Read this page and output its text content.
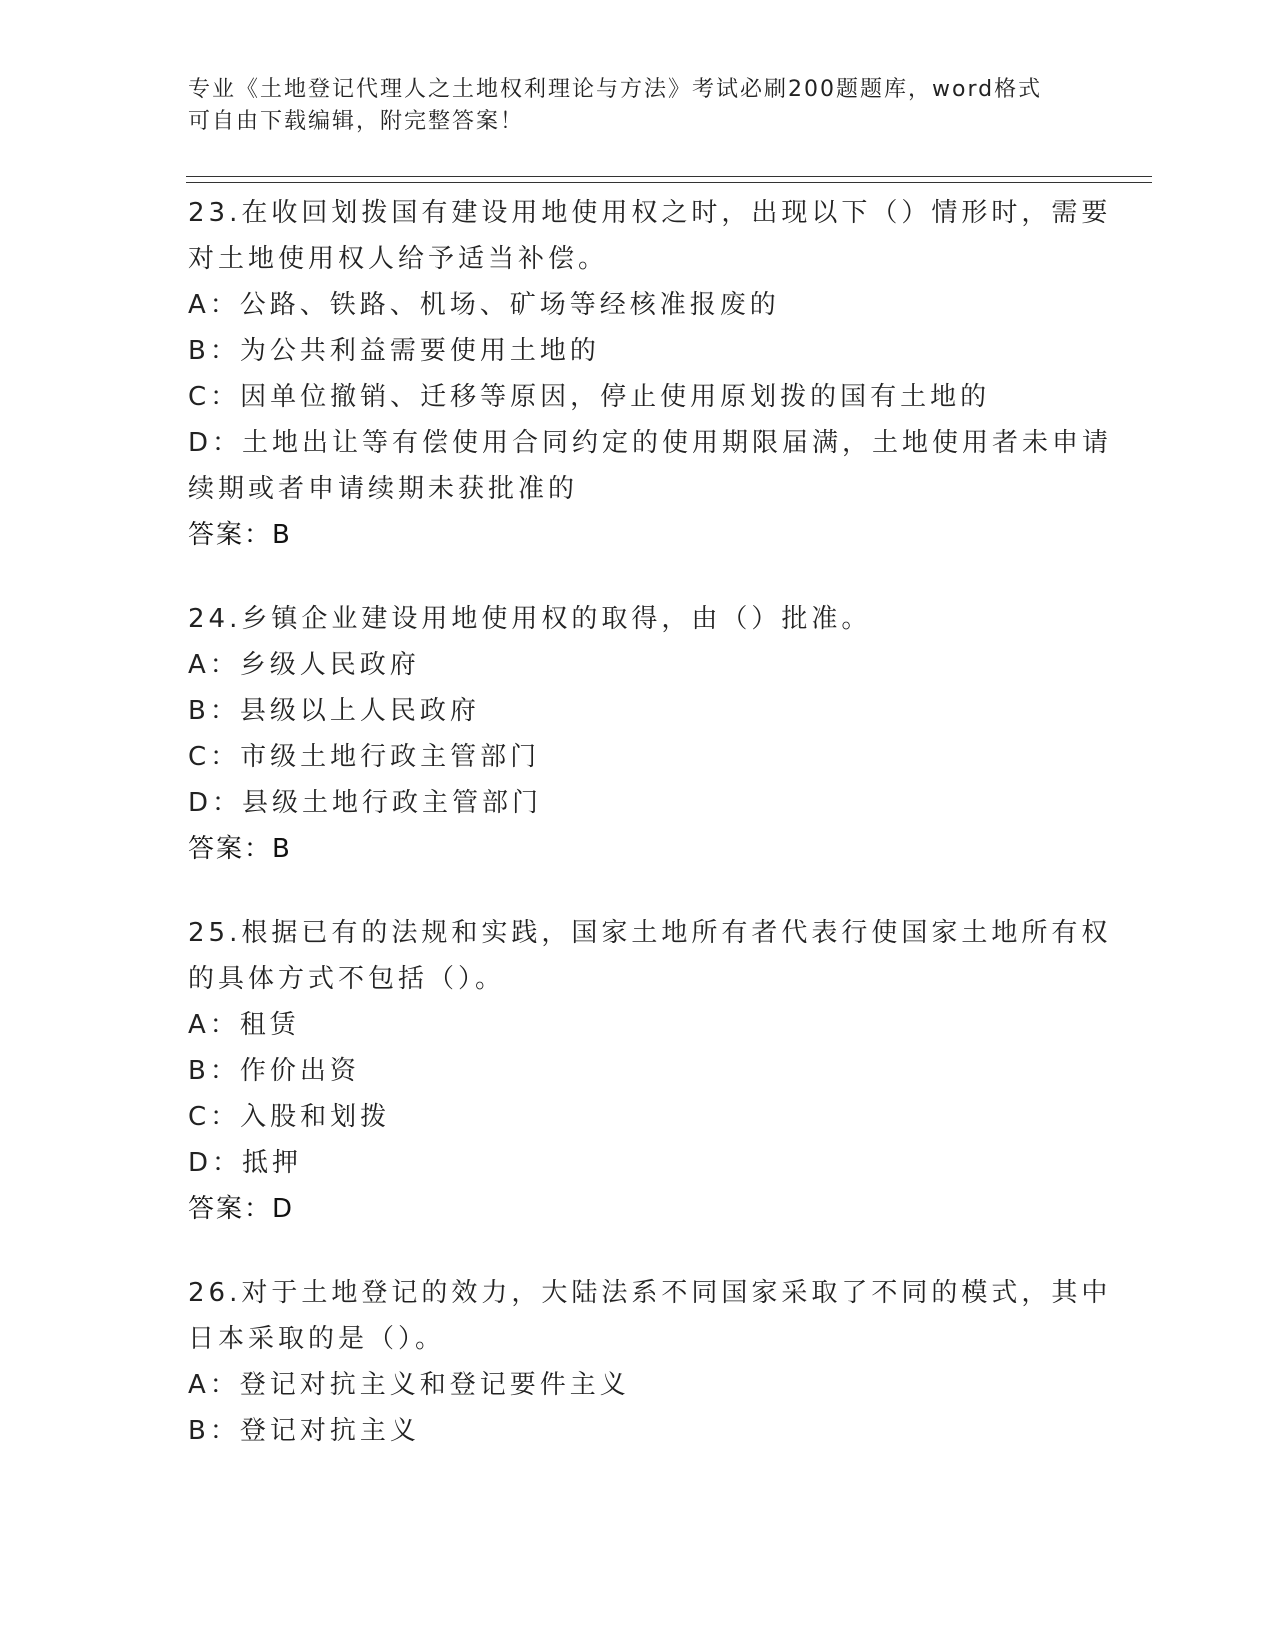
专业《土地登记代理人之土地权利理论与方法》考试必刷200题题库，word格式
可自由下载编辑，附完整答案！
23.在收回划拨国有建设用地使用权之时，出现以下（）情形时，需要
对土地使用权人给予适当补偿。
A：公路、铁路、机场、矿场等经核准报废的
B：为公共利益需要使用土地的
C：因单位撤销、迁移等原因，停止使用原划拨的国有土地的
D：土地出让等有偿使用合同约定的使用期限届满，土地使用者未申请
续期或者申请续期未获批准的
答案：B
24.乡镇企业建设用地使用权的取得，由（）批准。
A：乡级人民政府
B：县级以上人民政府
C：市级土地行政主管部门
D：县级土地行政主管部门
答案：B
25.根据已有的法规和实践，国家土地所有者代表行使国家土地所有权
的具体方式不包括（）。
A：租赁
B：作价出资
C：入股和划拨
D：抵押
答案：D
26.对于土地登记的效力，大陆法系不同国家采取了不同的模式，其中
日本采取的是（）。
A：登记对抗主义和登记要件主义
B：登记对抗主义
